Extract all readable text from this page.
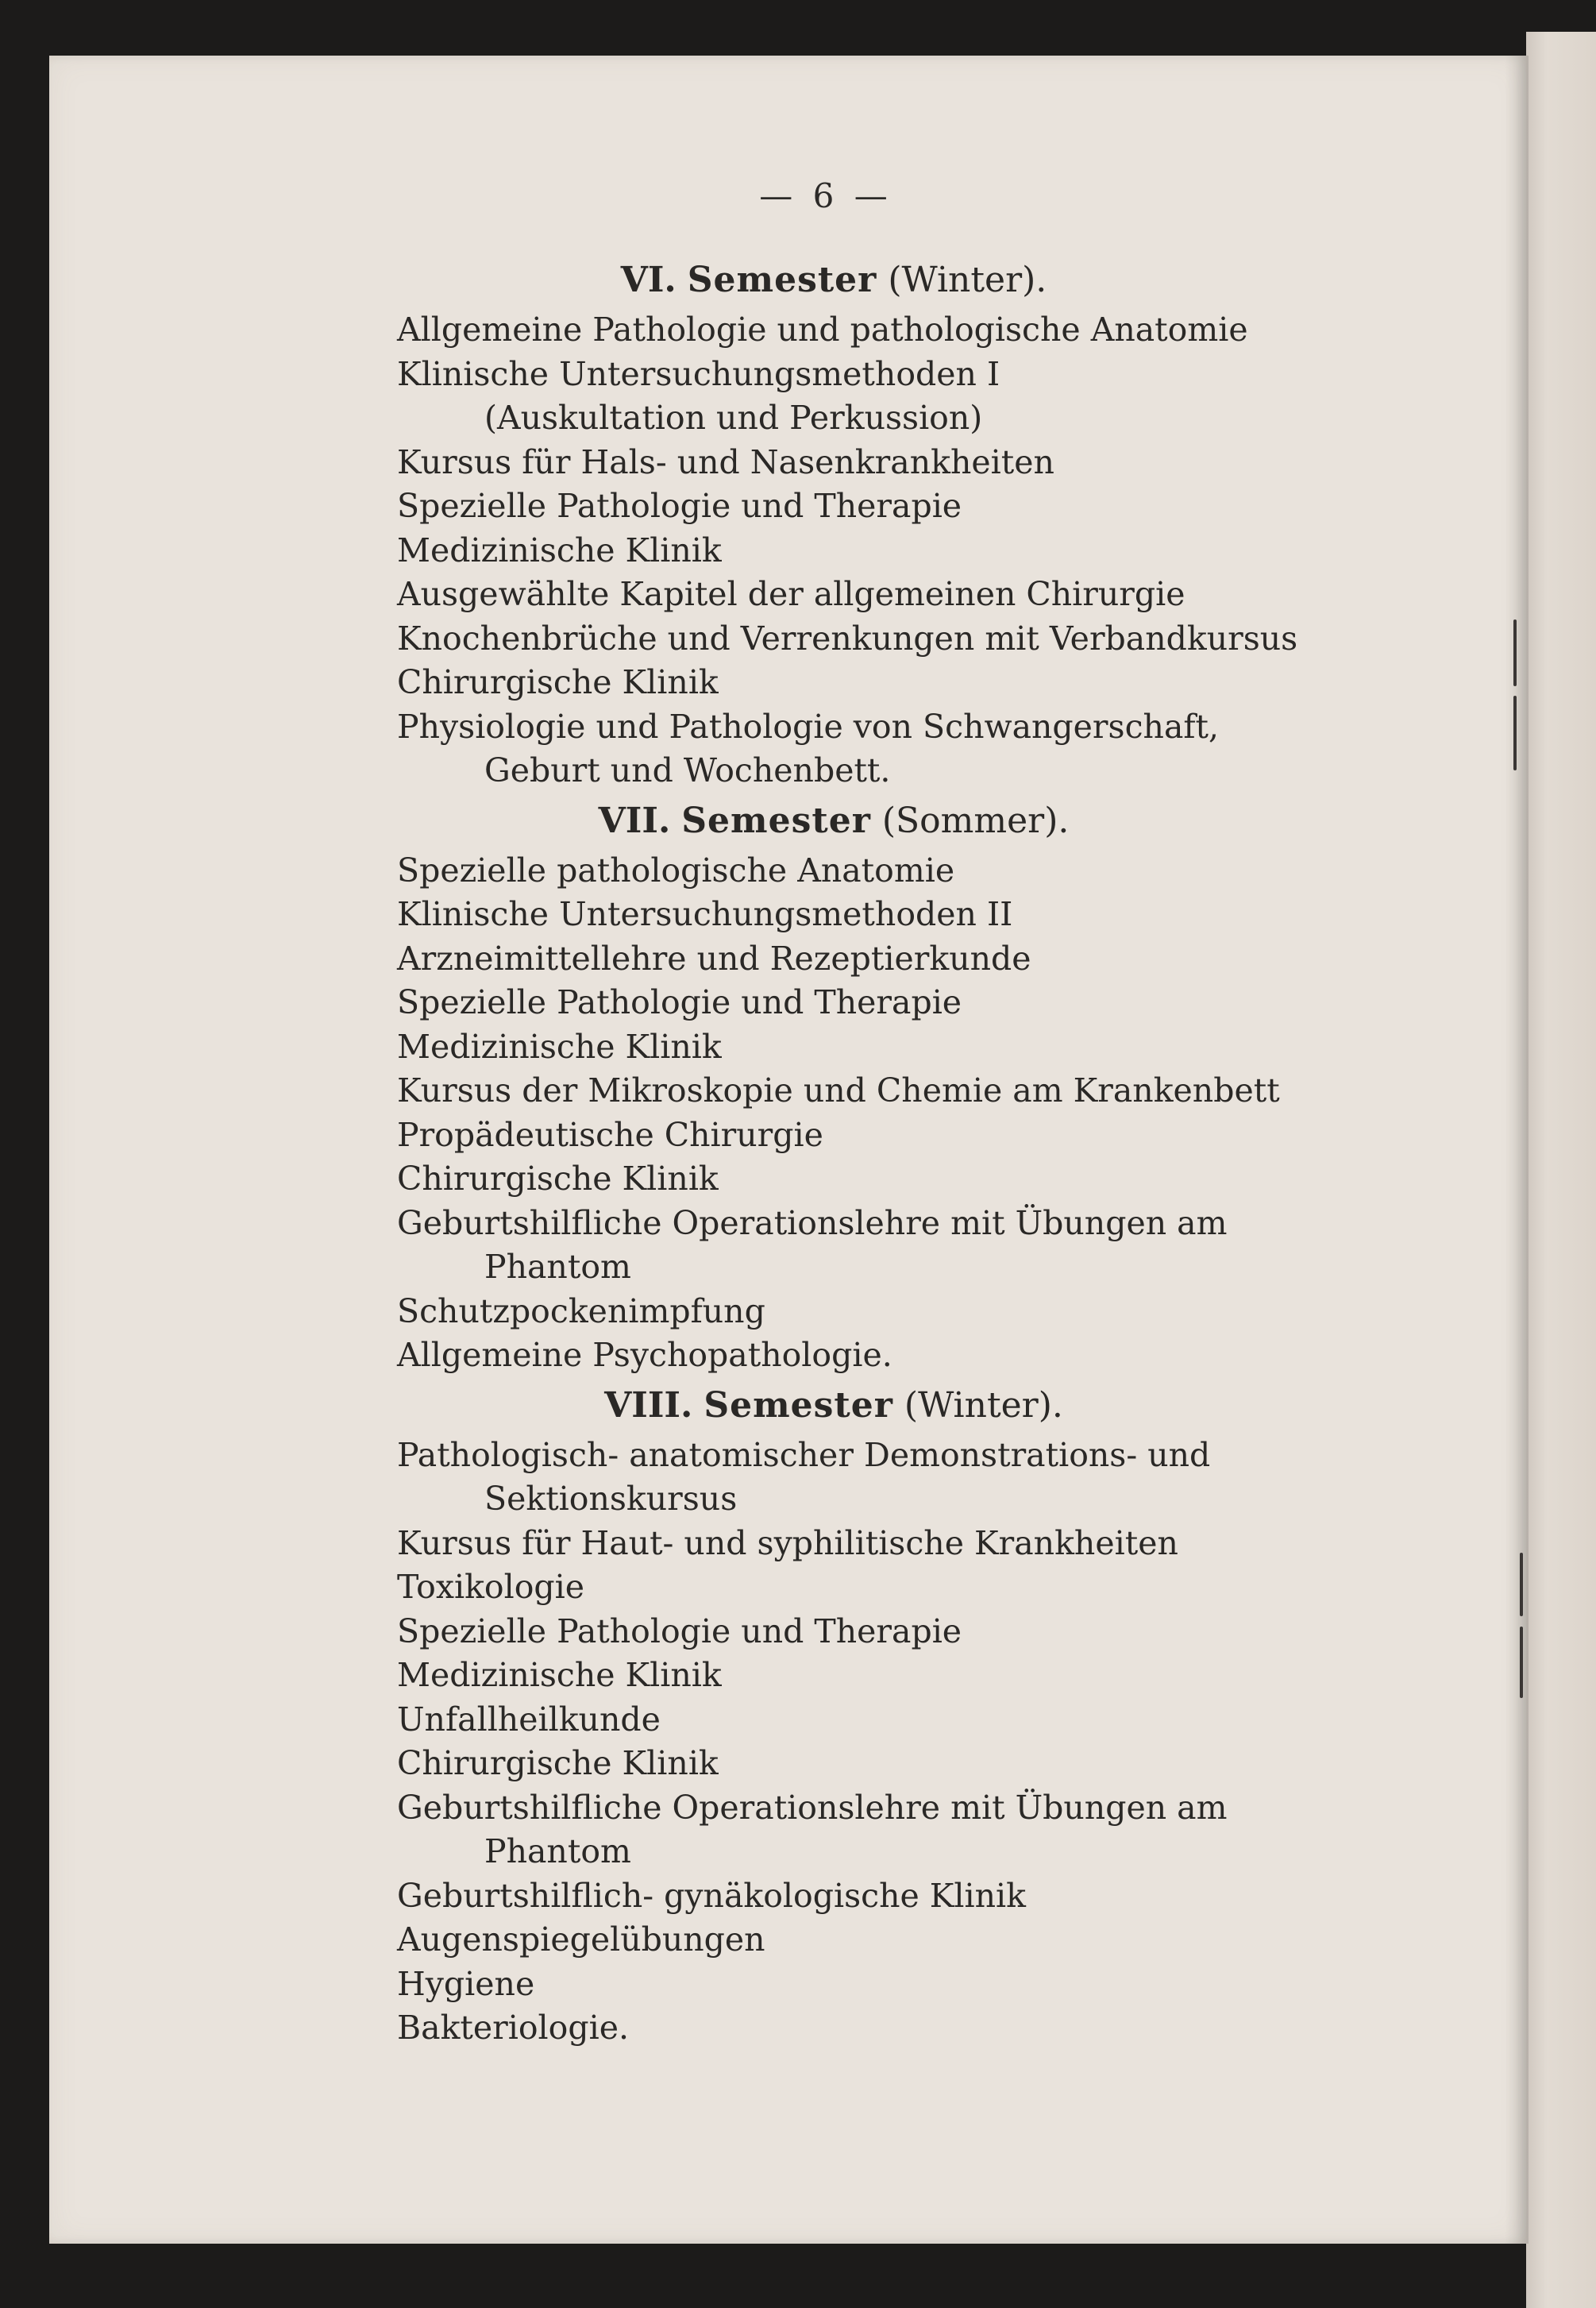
— 6 —

VI. Semester (Winter).

Allgemeine Pathologie und pathologische Anatomie

Klinische Untersuchungsmethoden I

(Auskultation und Perkussion)

Kursus für Hals- und Nasenkrankheiten

Spezielle Pathologie und Therapie

Medizinische Klinik

Ausgewählte Kapitel der allgemeinen Chirurgie

Knochenbrüche und Verrenkungen mit Verbandkursus

Chirurgische Klinik

Physiologie und Pathologie von Schwangerschaft,

Geburt und Wochenbett.

VII. Semester (Sommer).

Spezielle pathologische Anatomie

Klinische Untersuchungsmethoden II

Arzneimittellehre und Rezeptierkunde

Spezielle Pathologie und Therapie

Medizinische Klinik

Kursus der Mikroskopie und Chemie am Krankenbett

Propädeutische Chirurgie

Chirurgische Klinik

Geburtshilfliche Operationslehre mit Übungen am

Phantom

Schutzpockenimpfung

Allgemeine Psychopathologie.

VIII. Semester (Winter).

Pathologisch- anatomischer Demonstrations- und

Sektionskursus

Kursus für Haut- und syphilitische Krankheiten

Toxikologie

Spezielle Pathologie und Therapie

Medizinische Klinik

Unfallheilkunde

Chirurgische Klinik

Geburtshilfliche Operationslehre mit Übungen am

Phantom

Geburtshilflich- gynäkologische Klinik

Augenspiegelübungen

Hygiene

Bakteriologie.
